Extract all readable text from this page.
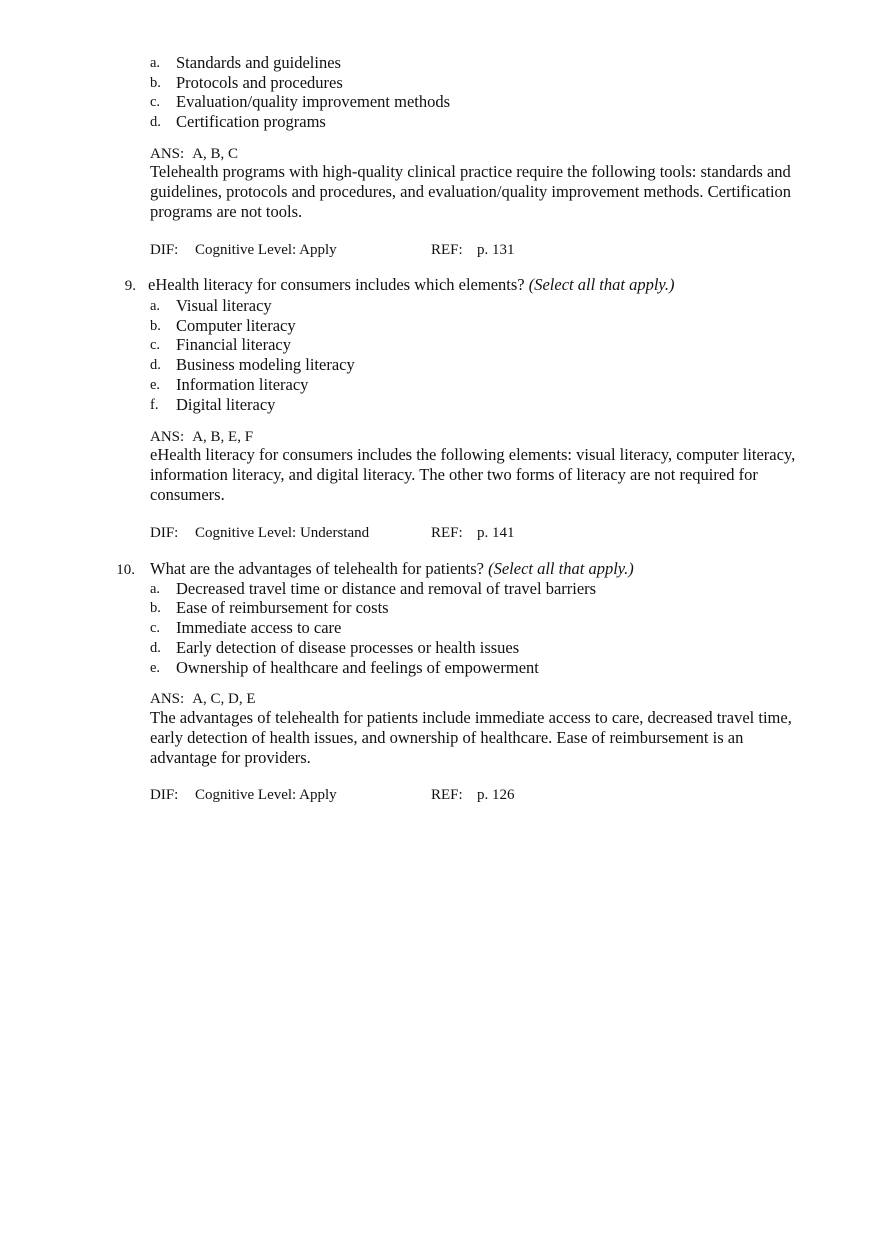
a. Standards and guidelines
b. Protocols and procedures
c. Evaluation/quality improvement methods
d. Certification programs
ANS: A, B, C
Telehealth programs with high-quality clinical practice require the following tools: standards and guidelines, protocols and procedures, and evaluation/quality improvement methods. Certification programs are not tools.
DIF: Cognitive Level: Apply	REF: p. 131
9. eHealth literacy for consumers includes which elements? (Select all that apply.)
a. Visual literacy
b. Computer literacy
c. Financial literacy
d. Business modeling literacy
e. Information literacy
f. Digital literacy
ANS: A, B, E, F
eHealth literacy for consumers includes the following elements: visual literacy, computer literacy, information literacy, and digital literacy. The other two forms of literacy are not required for consumers.
DIF: Cognitive Level: Understand	REF: p. 141
10. What are the advantages of telehealth for patients? (Select all that apply.)
a. Decreased travel time or distance and removal of travel barriers
b. Ease of reimbursement for costs
c. Immediate access to care
d. Early detection of disease processes or health issues
e. Ownership of healthcare and feelings of empowerment
ANS: A, C, D, E
The advantages of telehealth for patients include immediate access to care, decreased travel time, early detection of health issues, and ownership of healthcare. Ease of reimbursement is an advantage for providers.
DIF: Cognitive Level: Apply	REF: p. 126
